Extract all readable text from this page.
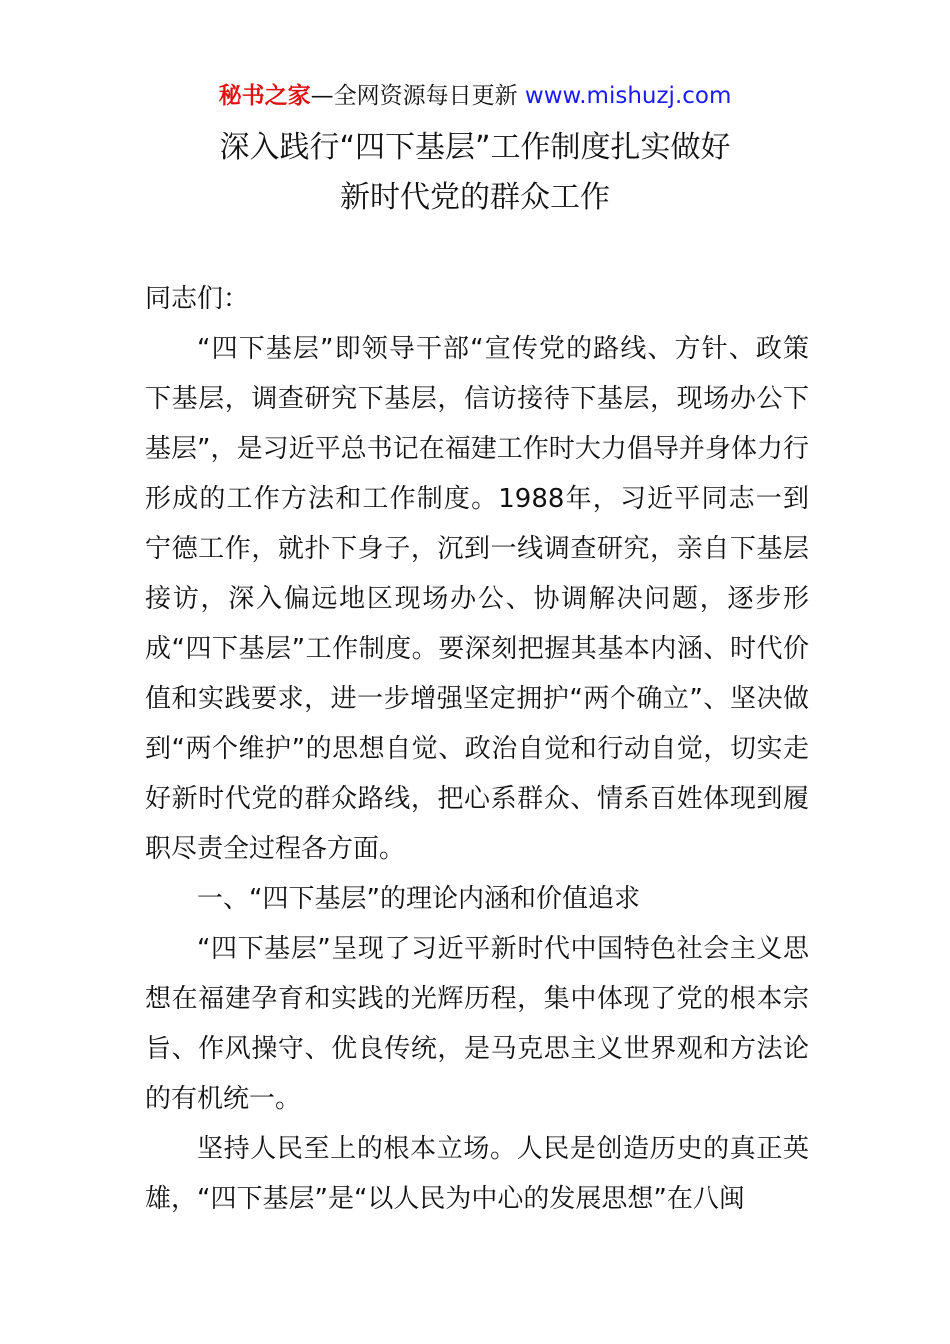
秘书之家—全网资源每日更新 www.mishuzj.com
深入践行“四下基层”工作制度扎实做好
新时代党的群众工作

同志们：

“四下基层”即领导干部“宣传党的路线、方针、政策下基层，调查研究下基层，信访接待下基层，现场办公下基层”，是习近平总书记在福建工作时大力倡导并身体力行形成的工作方法和工作制度。1988年，习近平同志一到宁德工作，就扑下身子，沉到一线调查研究，亲自下基层接访，深入偏远地区现场办公、协调解决问题，逐步形成“四下基层”工作制度。要深刻把握其基本内涵、时代价值和实践要求，进一步增强坚定拥护“两个确立”、坚决做到“两个维护”的思想自觉、政治自觉和行动自觉，切实走好新时代党的群众路线，把心系群众、情系百姓体现到履职尽责全过程各方面。

一、“四下基层”的理论内涵和价值追求

“四下基层”呈现了习近平新时代中国特色社会主义思想在福建孕育和实践的光辉历程，集中体现了党的根本宗旨、作风操守、优良传统，是马克思主义世界观和方法论的有机统一。

坚持人民至上的根本立场。人民是创造历史的真正英雄，“四下基层”是“以人民为中心的发展思想”在八闽
